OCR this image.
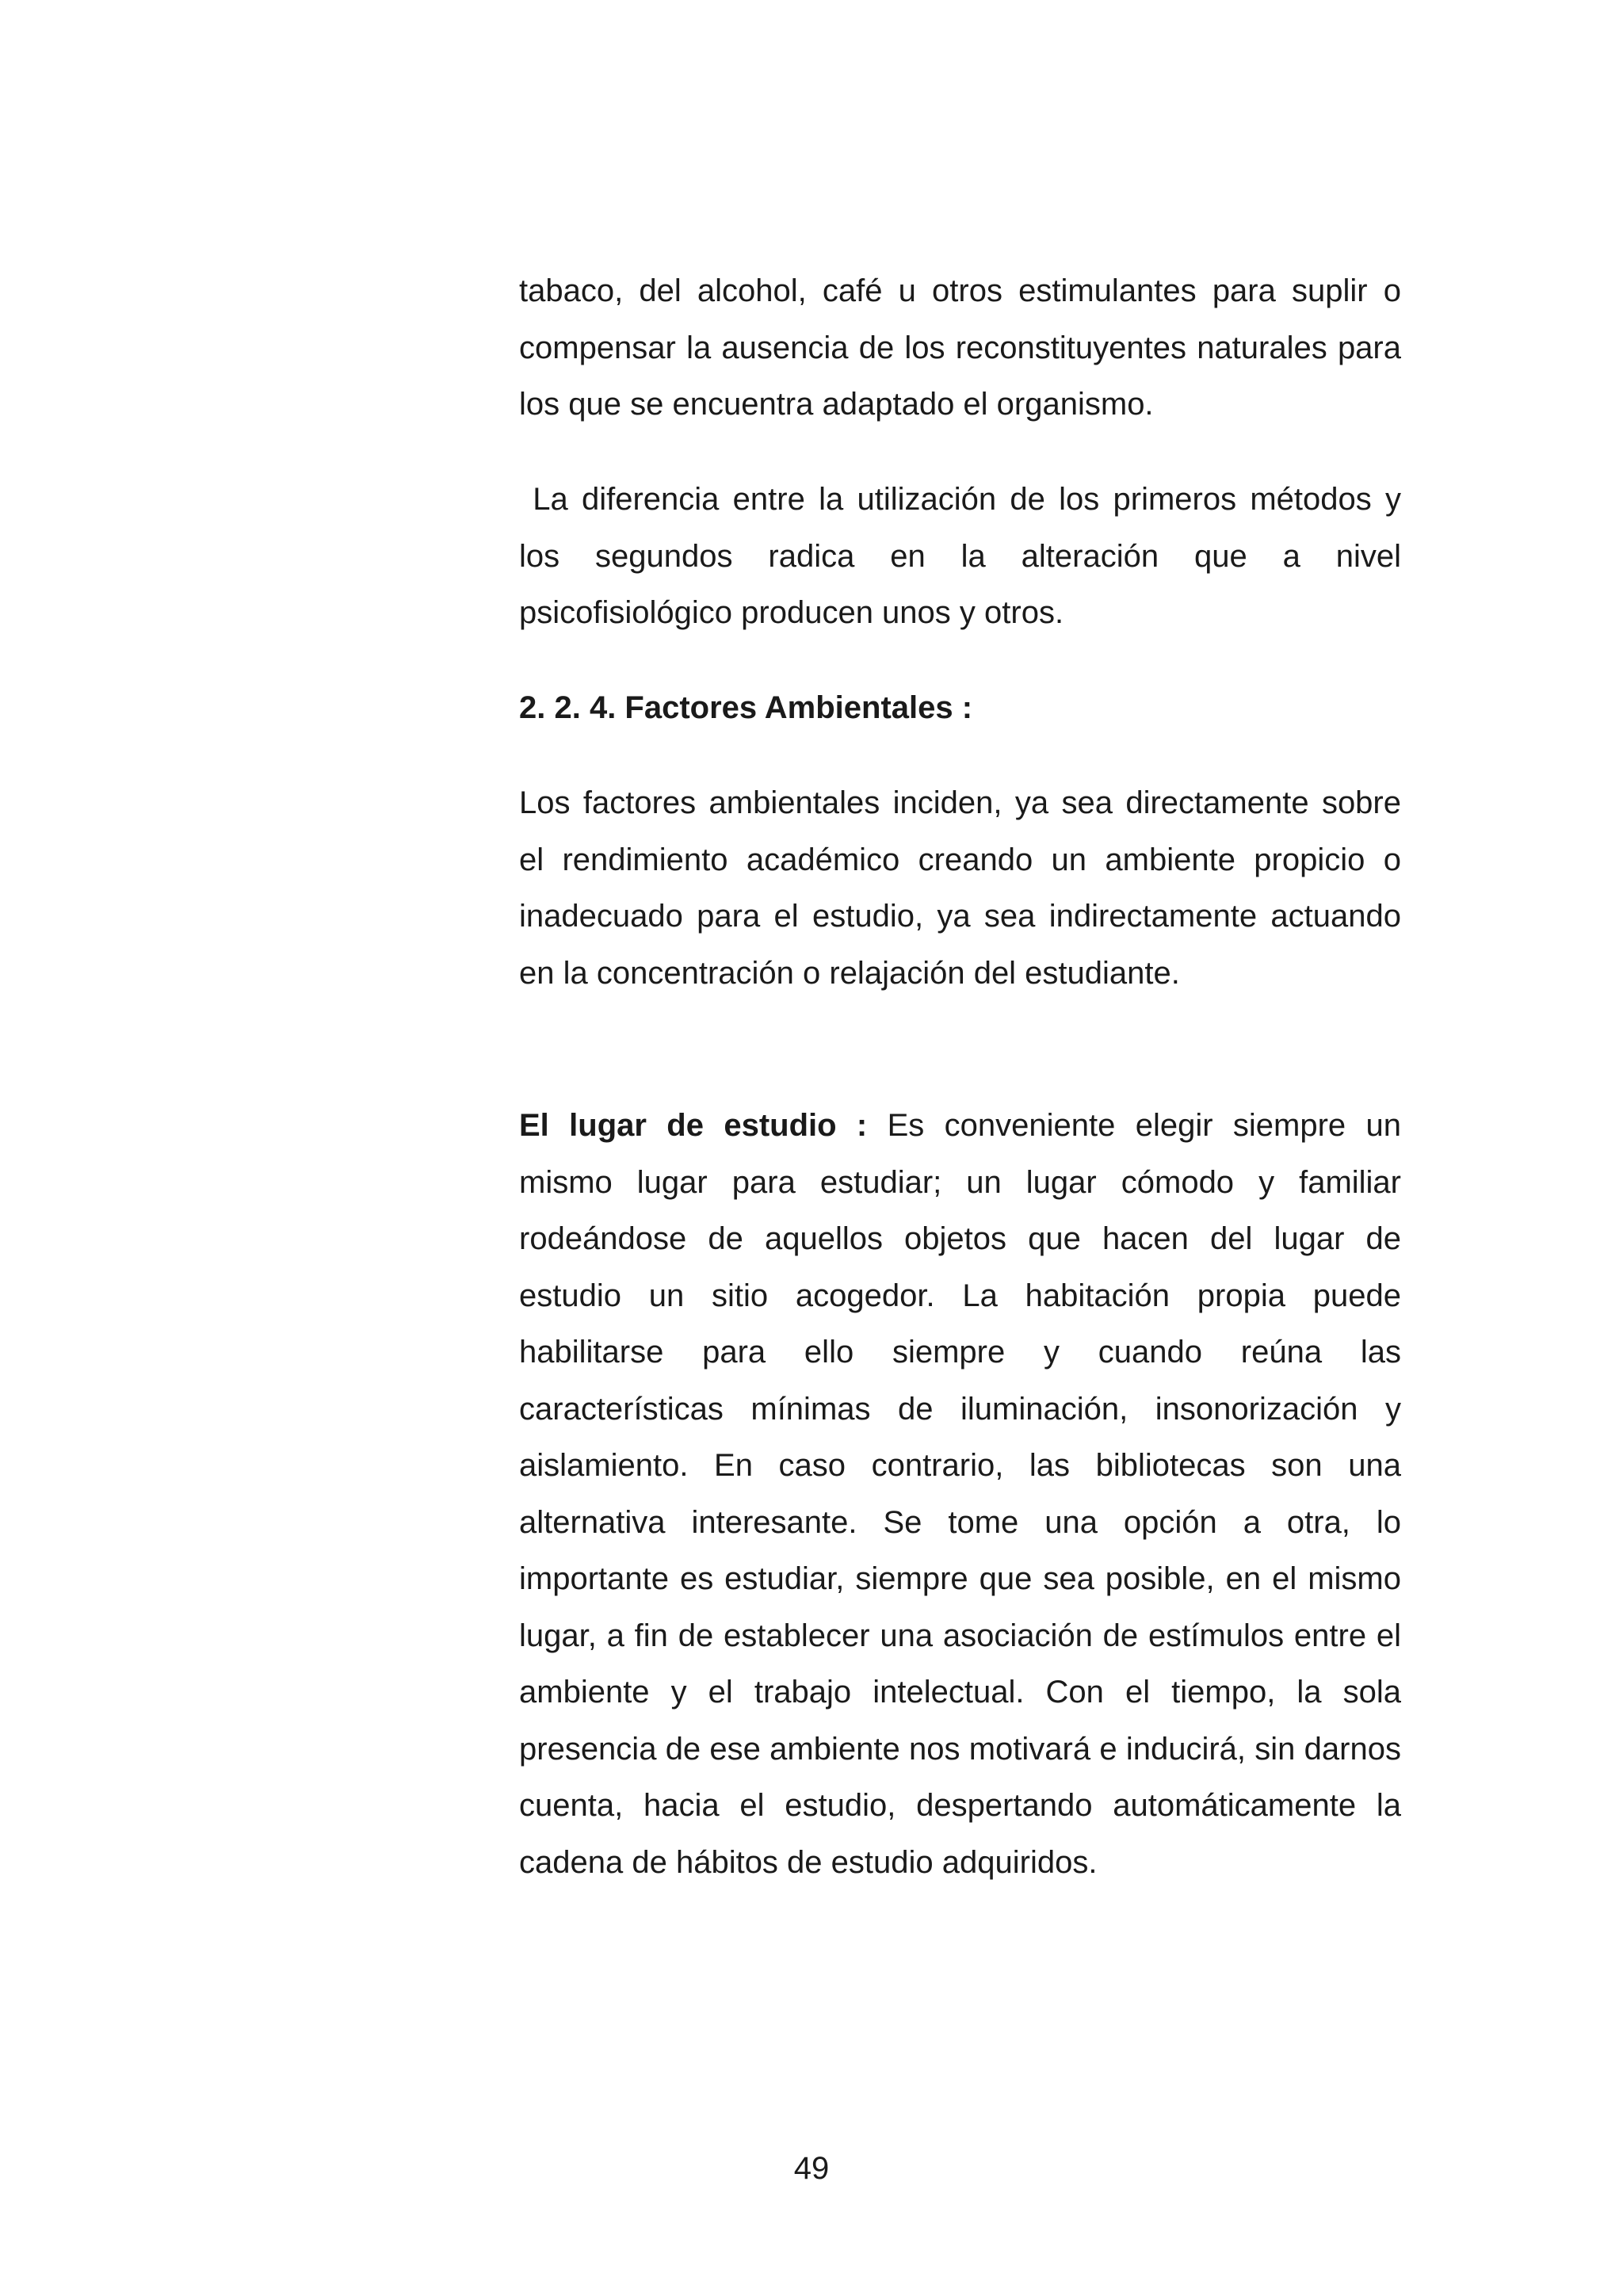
tabaco, del alcohol, café u otros estimulantes para suplir o compensar la ausencia de los reconstituyentes naturales para los que se encuentra adaptado el organismo.

La diferencia entre la utilización de los primeros métodos y los segundos radica en la alteración que a nivel psicofisiológico producen unos y otros.

2. 2. 4. Factores Ambientales :

Los factores ambientales inciden, ya sea directamente sobre el rendimiento académico creando un ambiente propicio o inadecuado para el estudio, ya sea indirectamente actuando en la concentración o relajación del estudiante.

El lugar de estudio : Es conveniente elegir siempre un mismo lugar para estudiar; un lugar cómodo y familiar rodeándose de aquellos objetos que hacen del lugar de estudio un sitio acogedor. La habitación propia puede habilitarse para ello siempre y cuando reúna las características mínimas de iluminación, insonorización y aislamiento. En caso contrario, las bibliotecas son una alternativa interesante. Se tome una opción a otra, lo importante es estudiar, siempre que sea posible, en el mismo lugar, a fin de establecer una asociación de estímulos entre el ambiente y el trabajo intelectual. Con el tiempo, la sola presencia de ese ambiente nos motivará e inducirá, sin darnos cuenta, hacia el estudio, despertando automáticamente la cadena de hábitos de estudio adquiridos.

49
